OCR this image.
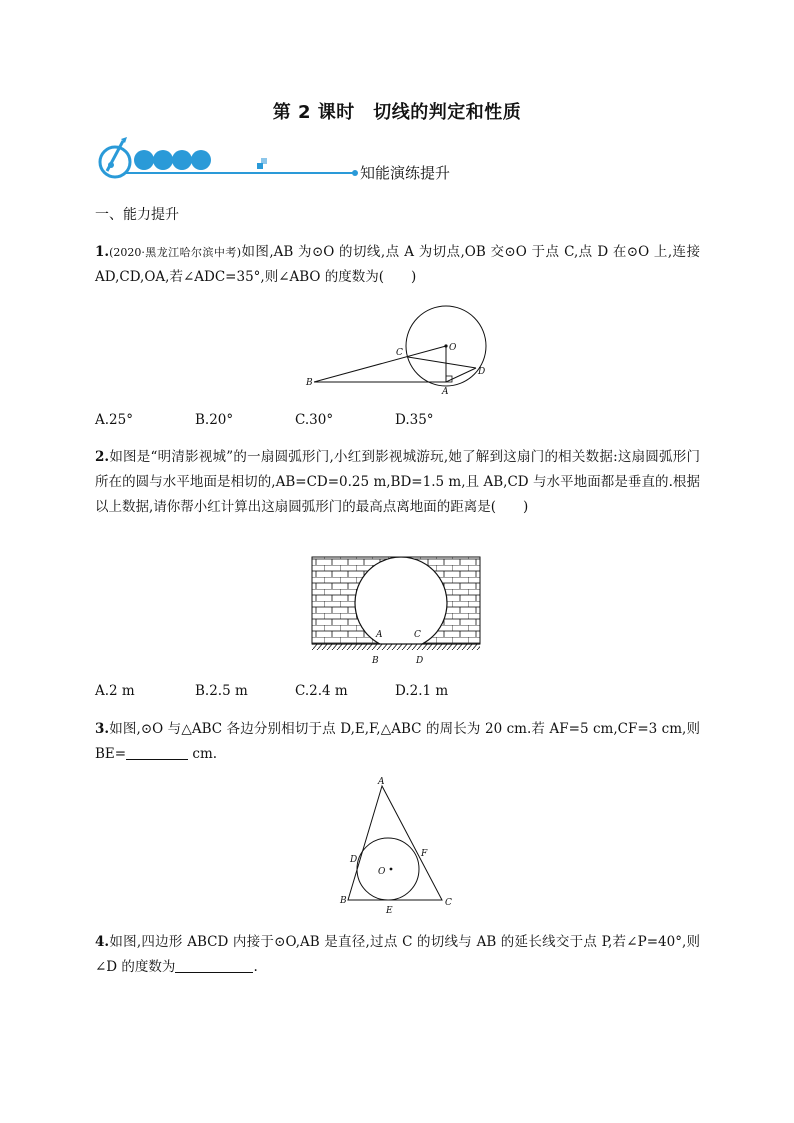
第 2 课时　切线的判定和性质
知能演练提升
一、能力提升
1.(2020·黑龙江哈尔滨中考)如图,AB 为⊙O 的切线,点 A 为切点,OB 交⊙O 于点 C,点 D 在⊙O 上,连接 AD,CD,OA,若∠ADC=35°,则∠ABO 的度数为(　　)
O
C
B
A
D
A.25°	B.20°	C.30°	D.35°
2.如图是“明清影视城”的一扇圆弧形门,小红到影视城游玩,她了解到这扇门的相关数据:这扇圆弧形门所在的圆与水平地面是相切的,AB=CD=0.25 m,BD=1.5 m,且 AB,CD 与水平地面都是垂直的.根据以上数据,请你帮小红计算出这扇圆弧形门的最高点离地面的距离是(　　)
A	C
B	D
A.2 m	B.2.5 m	C.2.4 m	D.2.1 m
3.如图,⊙O 与△ABC 各边分别相切于点 D,E,F,△ABC 的周长为 20 cm.若 AF=5 cm,CF=3 cm,则 BE=	cm.
A
D
F
O
B
E
C
4.如图,四边形 ABCD 内接于⊙O,AB 是直径,过点 C 的切线与 AB 的延长线交于点 P,若∠P=40°,则∠D 的度数为	.
